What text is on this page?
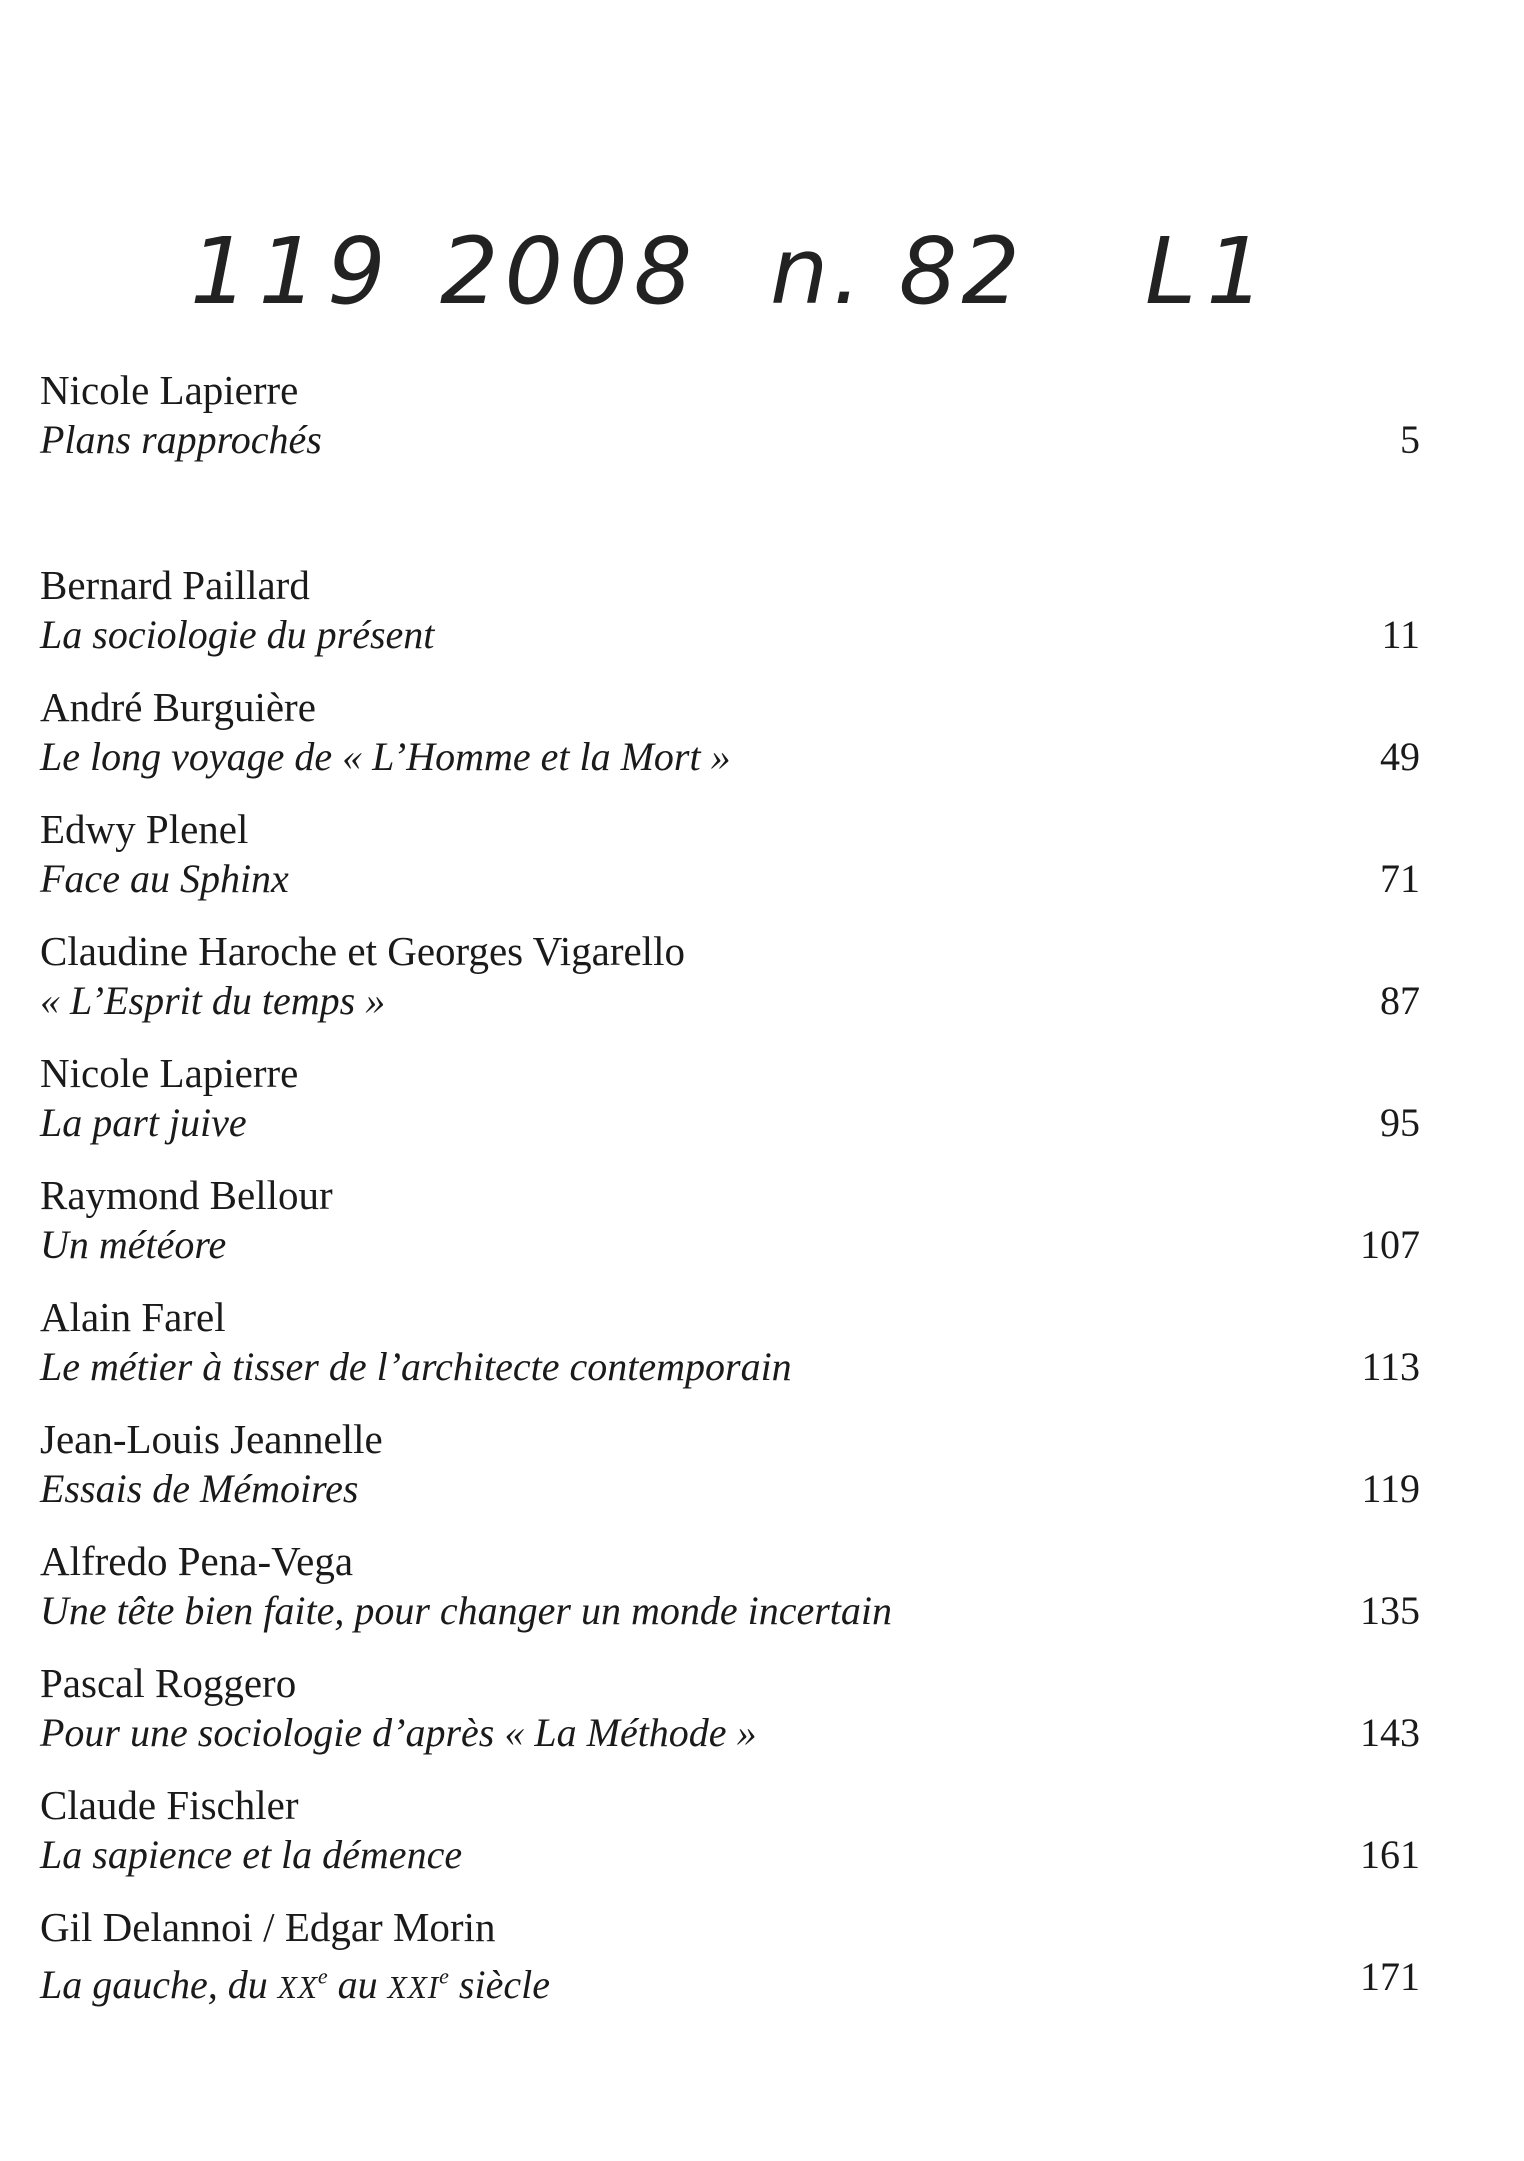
119 2008 n. 82 L1
Nicole Lapierre
Plans rapprochés	5
Bernard Paillard
La sociologie du présent	11
André Burguière
Le long voyage de « L’Homme et la Mort »	49
Edwy Plenel
Face au Sphinx	71
Claudine Haroche et Georges Vigarello
« L’Esprit du temps »	87
Nicole Lapierre
La part juive	95
Raymond Bellour
Un météore	107
Alain Farel
Le métier à tisser de l’architecte contemporain	113
Jean-Louis Jeannelle
Essais de Mémoires	119
Alfredo Pena-Vega
Une tête bien faite, pour changer un monde incertain	135
Pascal Roggero
Pour une sociologie d’après « La Méthode »	143
Claude Fischler
La sapience et la démence	161
Gil Delannoi / Edgar Morin
La gauche, du XXe au XXIe siècle	171
